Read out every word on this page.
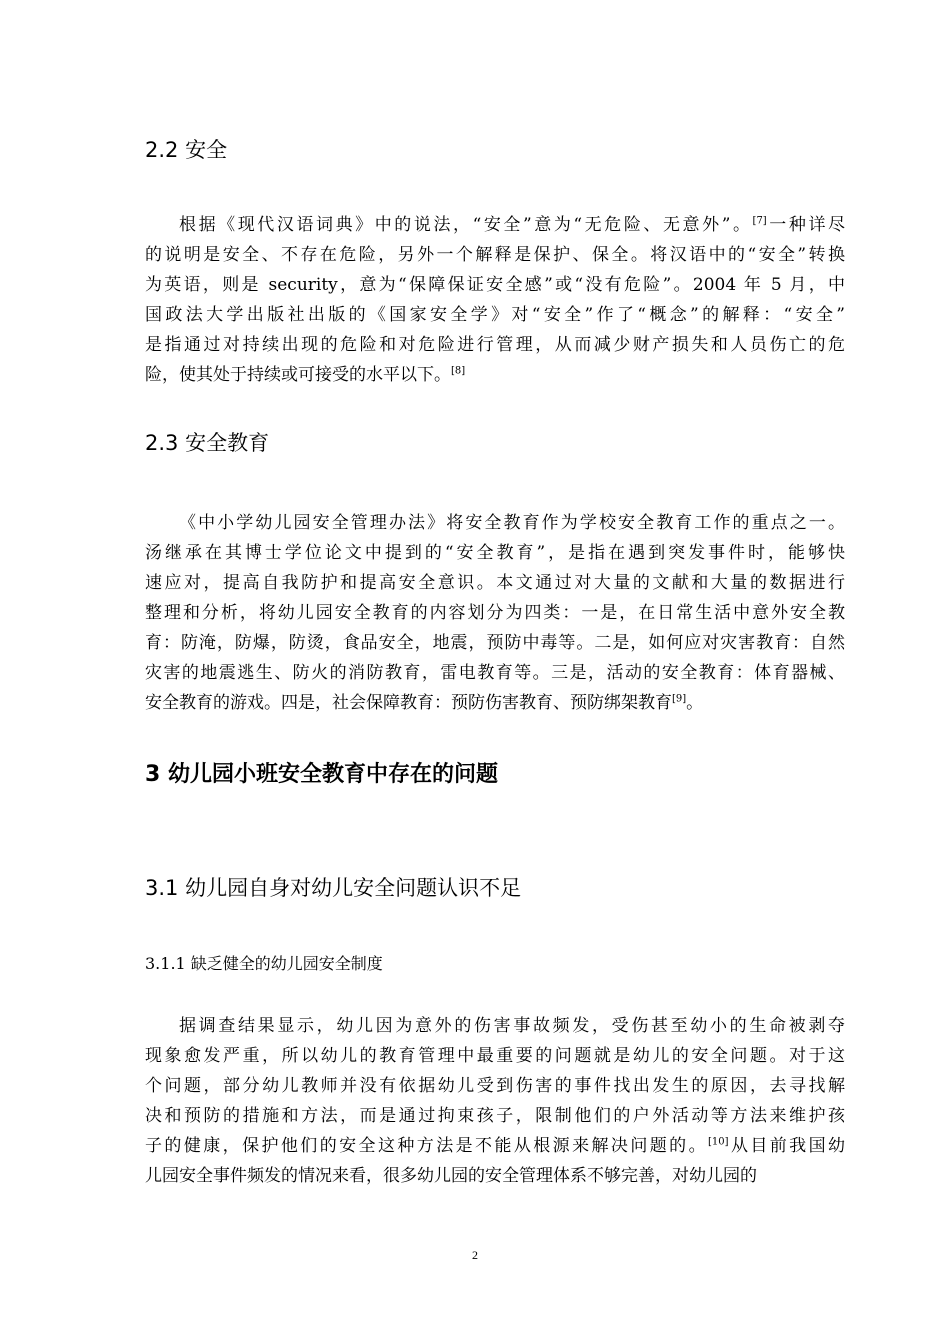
2.2 安全
根据《现代汉语词典》中的说法，“安全”意为“无危险、无意外”。[7]一种详尽
的说明是安全、不存在危险，另外一个解释是保护、保全。将汉语中的“安全”转换
为英语，则是 security，意为“保障保证安全感”或“没有危险”。2004 年 5 月，中
国政法大学出版社出版的《国家安全学》对“安全”作了“概念”的解释：“安全”
是指通过对持续出现的危险和对危险进行管理，从而减少财产损失和人员伤亡的危
险，使其处于持续或可接受的水平以下。[8]
2.3 安全教育
《中小学幼儿园安全管理办法》将安全教育作为学校安全教育工作的重点之一。
汤继承在其博士学位论文中提到的“安全教育”，是指在遇到突发事件时，能够快
速应对，提高自我防护和提高安全意识。本文通过对大量的文献和大量的数据进行
整理和分析，将幼儿园安全教育的内容划分为四类：一是，在日常生活中意外安全教
育：防淹，防爆，防烫，食品安全，地震，预防中毒等。二是，如何应对灾害教育：自然
灾害的地震逃生、防火的消防教育，雷电教育等。三是，活动的安全教育：体育器械、
安全教育的游戏。四是，社会保障教育：预防伤害教育、预防绑架教育[9]。
3 幼儿园小班安全教育中存在的问题
3.1 幼儿园自身对幼儿安全问题认识不足
3.1.1 缺乏健全的幼儿园安全制度
据调查结果显示，幼儿因为意外的伤害事故频发，受伤甚至幼小的生命被剥夺
现象愈发严重，所以幼儿的教育管理中最重要的问题就是幼儿的安全问题。对于这
个问题，部分幼儿教师并没有依据幼儿受到伤害的事件找出发生的原因，去寻找解
决和预防的措施和方法，而是通过拘束孩子，限制他们的户外活动等方法来维护孩
子的健康，保护他们的安全这种方法是不能从根源来解决问题的。[10]从目前我国幼
儿园安全事件频发的情况来看，很多幼儿园的安全管理体系不够完善，对幼儿园的
2
